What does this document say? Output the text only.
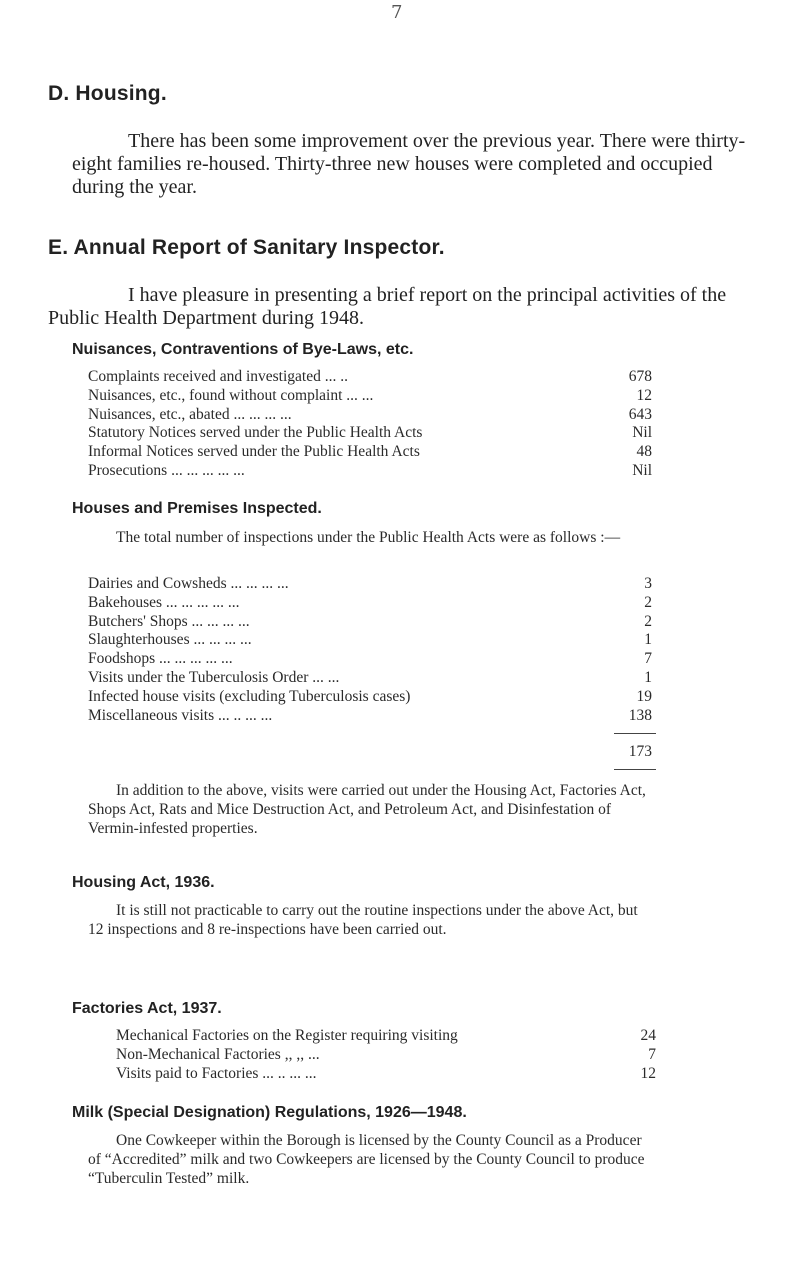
7
D. Housing.

There has been some improvement over the previous year. There were thirty-eight families re-housed. Thirty-three new houses were completed and occupied during the year.

E. Annual Report of Sanitary Inspector.

I have pleasure in presenting a brief report on the principal activities of the Public Health Department during 1948.

Nuisances, Contraventions of Bye-Laws, etc.
Complaints received and investigated ... ..	678
Nuisances, etc., found without complaint ... ...	12
Nuisances, etc., abated ... ... ... ...	643
Statutory Notices served under the Public Health Acts	Nil
Informal Notices served under the Public Health Acts	48
Prosecutions ... ... ... ... ...	Nil
Houses and Premises Inspected.

The total number of inspections under the Public Health Acts were as follows :—

Dairies and Cowsheds ... ... ... ...	3
Bakehouses ... ... ... ... ...	2
Butchers' Shops ... ... ... ...	2
Slaughterhouses ... ... ... ...	1
Foodshops ... ... ... ... ...	7
Visits under the Tuberculosis Order ... ...	1
Infected house visits (excluding Tuberculosis cases)	19
Miscellaneous visits ... .. ... ...	138
173

In addition to the above, visits were carried out under the Housing Act, Factories Act, Shops Act, Rats and Mice Destruction Act, and Petroleum Act, and Disinfestation of Vermin-infested properties.

Housing Act, 1936.

It is still not practicable to carry out the routine inspections under the above Act, but 12 inspections and 8 re-inspections have been carried out.

Factories Act, 1937.
Mechanical Factories on the Register requiring visiting	24
Non-Mechanical Factories ,, ,, ...	7
Visits paid to Factories ... .. ... ...	12
Milk (Special Designation) Regulations, 1926—1948.

One Cowkeeper within the Borough is licensed by the County Council as a Producer of “Accredited” milk and two Cowkeepers are licensed by the County Council to produce “Tuberculin Tested” milk.
